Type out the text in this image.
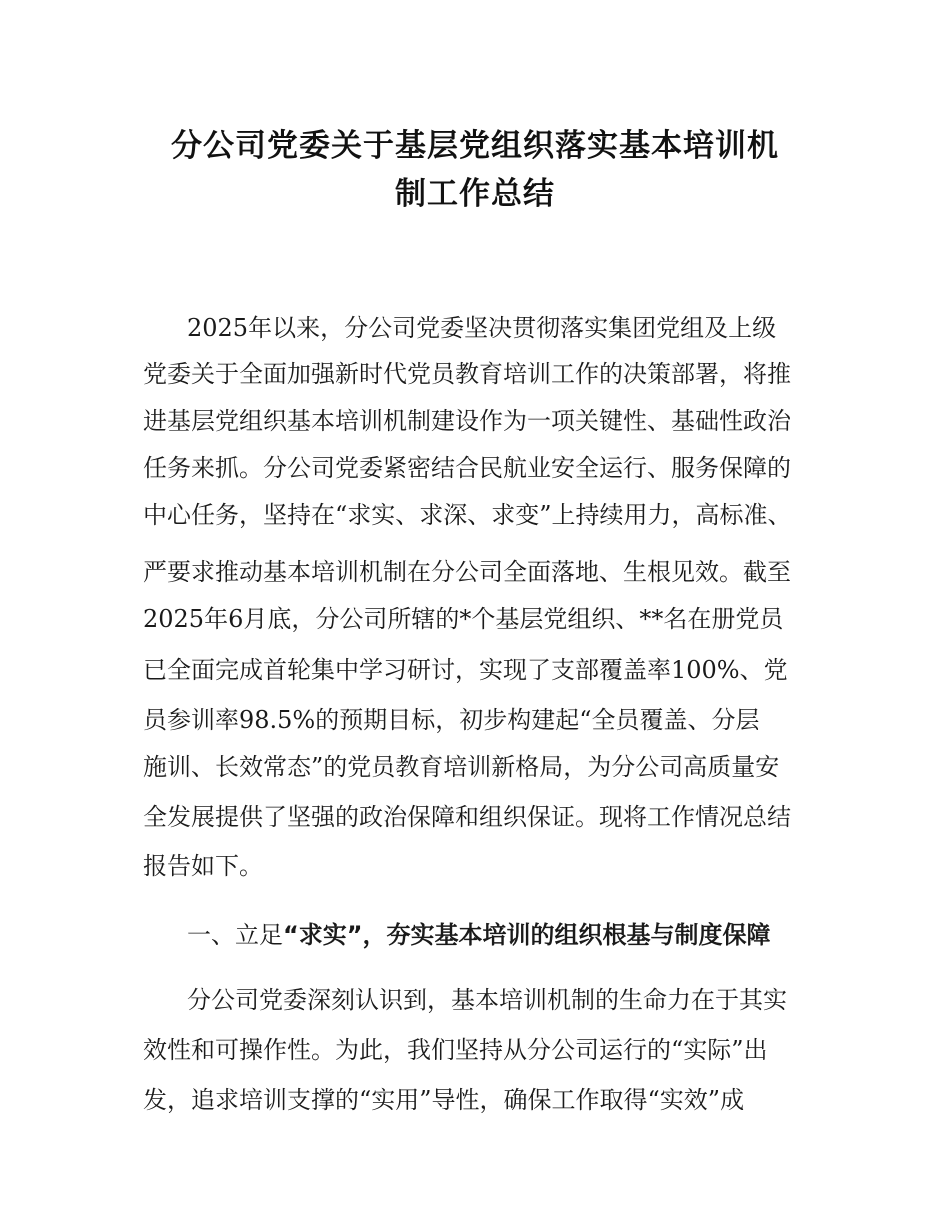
分公司党委关于基层党组织落实基本培训机
制工作总结

2025年以来，分公司党委坚决贯彻落实集团党组及上级

党委关于全面加强新时代党员教育培训工作的决策部署，将推

进基层党组织基本培训机制建设作为一项关键性、基础性政治

任务来抓。分公司党委紧密结合民航业安全运行、服务保障的

中心任务，坚持在“求实、求深、求变”上持续用力，高标准、

严要求推动基本培训机制在分公司全面落地、生根见效。截至

2025年6月底，分公司所辖的*个基层党组织、**名在册党员

已全面完成首轮集中学习研讨，实现了支部覆盖率100%、党

员参训率98.5%的预期目标，初步构建起“全员覆盖、分层

施训、长效常态”的党员教育培训新格局，为分公司高质量安

全发展提供了坚强的政治保障和组织保证。现将工作情况总结

报告如下。

一、立足“求实”，夯实基本培训的组织根基与制度保障

分公司党委深刻认识到，基本培训机制的生命力在于其实

效性和可操作性。为此，我们坚持从分公司运行的“实际”出

发，追求培训支撑的“实用”导性，确保工作取得“实效”成
